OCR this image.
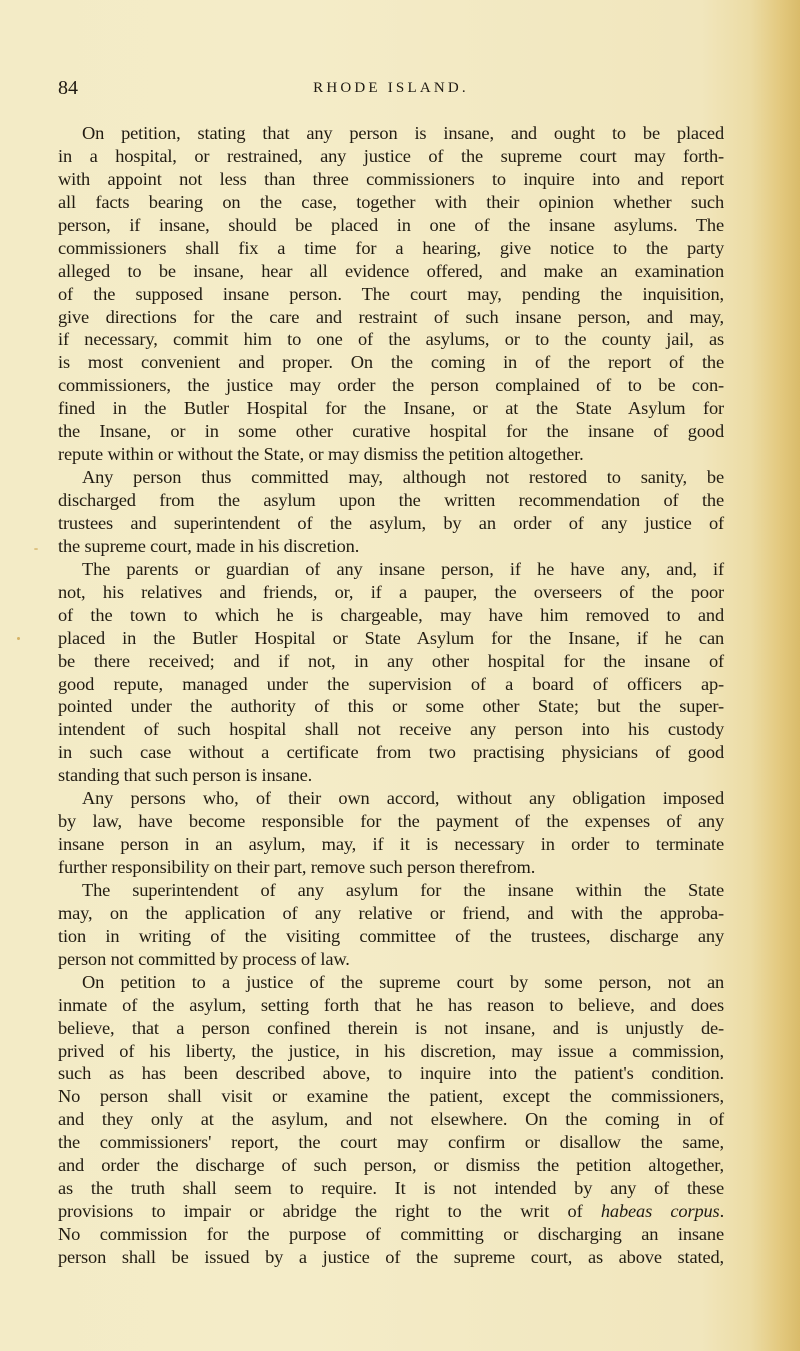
84	RHODE ISLAND.
On petition, stating that any person is insane, and ought to be placed
in a hospital, or restrained, any justice of the supreme court may forth-
with appoint not less than three commissioners to inquire into and report
all facts bearing on the case, together with their opinion whether such
person, if insane, should be placed in one of the insane asylums. The
commissioners shall fix a time for a hearing, give notice to the party
alleged to be insane, hear all evidence offered, and make an examination
of the supposed insane person. The court may, pending the inquisition,
give directions for the care and restraint of such insane person, and may,
if necessary, commit him to one of the asylums, or to the county jail, as
is most convenient and proper. On the coming in of the report of the
commissioners, the justice may order the person complained of to be con-
fined in the Butler Hospital for the Insane, or at the State Asylum for
the Insane, or in some other curative hospital for the insane of good
repute within or without the State, or may dismiss the petition altogether.
Any person thus committed may, although not restored to sanity, be
discharged from the asylum upon the written recommendation of the
trustees and superintendent of the asylum, by an order of any justice of
the supreme court, made in his discretion.
The parents or guardian of any insane person, if he have any, and, if
not, his relatives and friends, or, if a pauper, the overseers of the poor
of the town to which he is chargeable, may have him removed to and
placed in the Butler Hospital or State Asylum for the Insane, if he can
be there received; and if not, in any other hospital for the insane of
good repute, managed under the supervision of a board of officers ap-
pointed under the authority of this or some other State; but the super-
intendent of such hospital shall not receive any person into his custody
in such case without a certificate from two practising physicians of good
standing that such person is insane.
Any persons who, of their own accord, without any obligation imposed
by law, have become responsible for the payment of the expenses of any
insane person in an asylum, may, if it is necessary in order to terminate
further responsibility on their part, remove such person therefrom.
The superintendent of any asylum for the insane within the State
may, on the application of any relative or friend, and with the approba-
tion in writing of the visiting committee of the trustees, discharge any
person not committed by process of law.
On petition to a justice of the supreme court by some person, not an
inmate of the asylum, setting forth that he has reason to believe, and does
believe, that a person confined therein is not insane, and is unjustly de-
prived of his liberty, the justice, in his discretion, may issue a commission,
such as has been described above, to inquire into the patient's condition.
No person shall visit or examine the patient, except the commissioners,
and they only at the asylum, and not elsewhere. On the coming in of
the commissioners' report, the court may confirm or disallow the same,
and order the discharge of such person, or dismiss the petition altogether,
as the truth shall seem to require. It is not intended by any of these
provisions to impair or abridge the right to the writ of habeas corpus.
No commission for the purpose of committing or discharging an insane
person shall be issued by a justice of the supreme court, as above stated,
